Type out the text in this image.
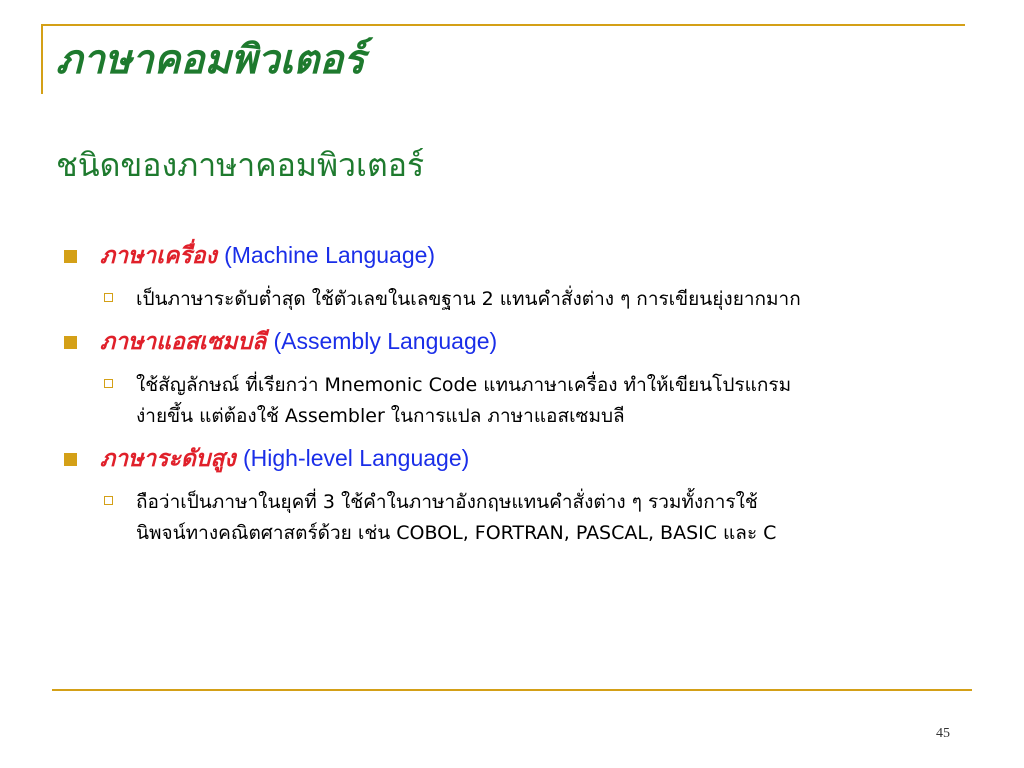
ภาษาคอมพิวเตอร์
ชนิดของภาษาคอมพิวเตอร์
ภาษาเครื่อง (Machine Language)
เป็นภาษาระดับต่ำสุด ใช้ตัวเลขในเลขฐาน 2 แทนคำสั่งต่าง ๆ การเขียนยุ่งยากมาก
ภาษาแอสเซมบลี (Assembly Language)
ใช้สัญลักษณ์ ที่เรียกว่า Mnemonic Code แทนภาษาเครื่อง ทำให้เขียนโปรแกรม
ง่ายขึ้น แต่ต้องใช้ Assembler ในการแปล ภาษาแอสเซมบลี
ภาษาระดับสูง (High-level Language)
ถือว่าเป็นภาษาในยุคที่ 3 ใช้คำในภาษาอังกฤษแทนคำสั่งต่าง ๆ รวมทั้งการใช้
นิพจน์ทางคณิตศาสตร์ด้วย เช่น COBOL, FORTRAN, PASCAL, BASIC และ C
45
